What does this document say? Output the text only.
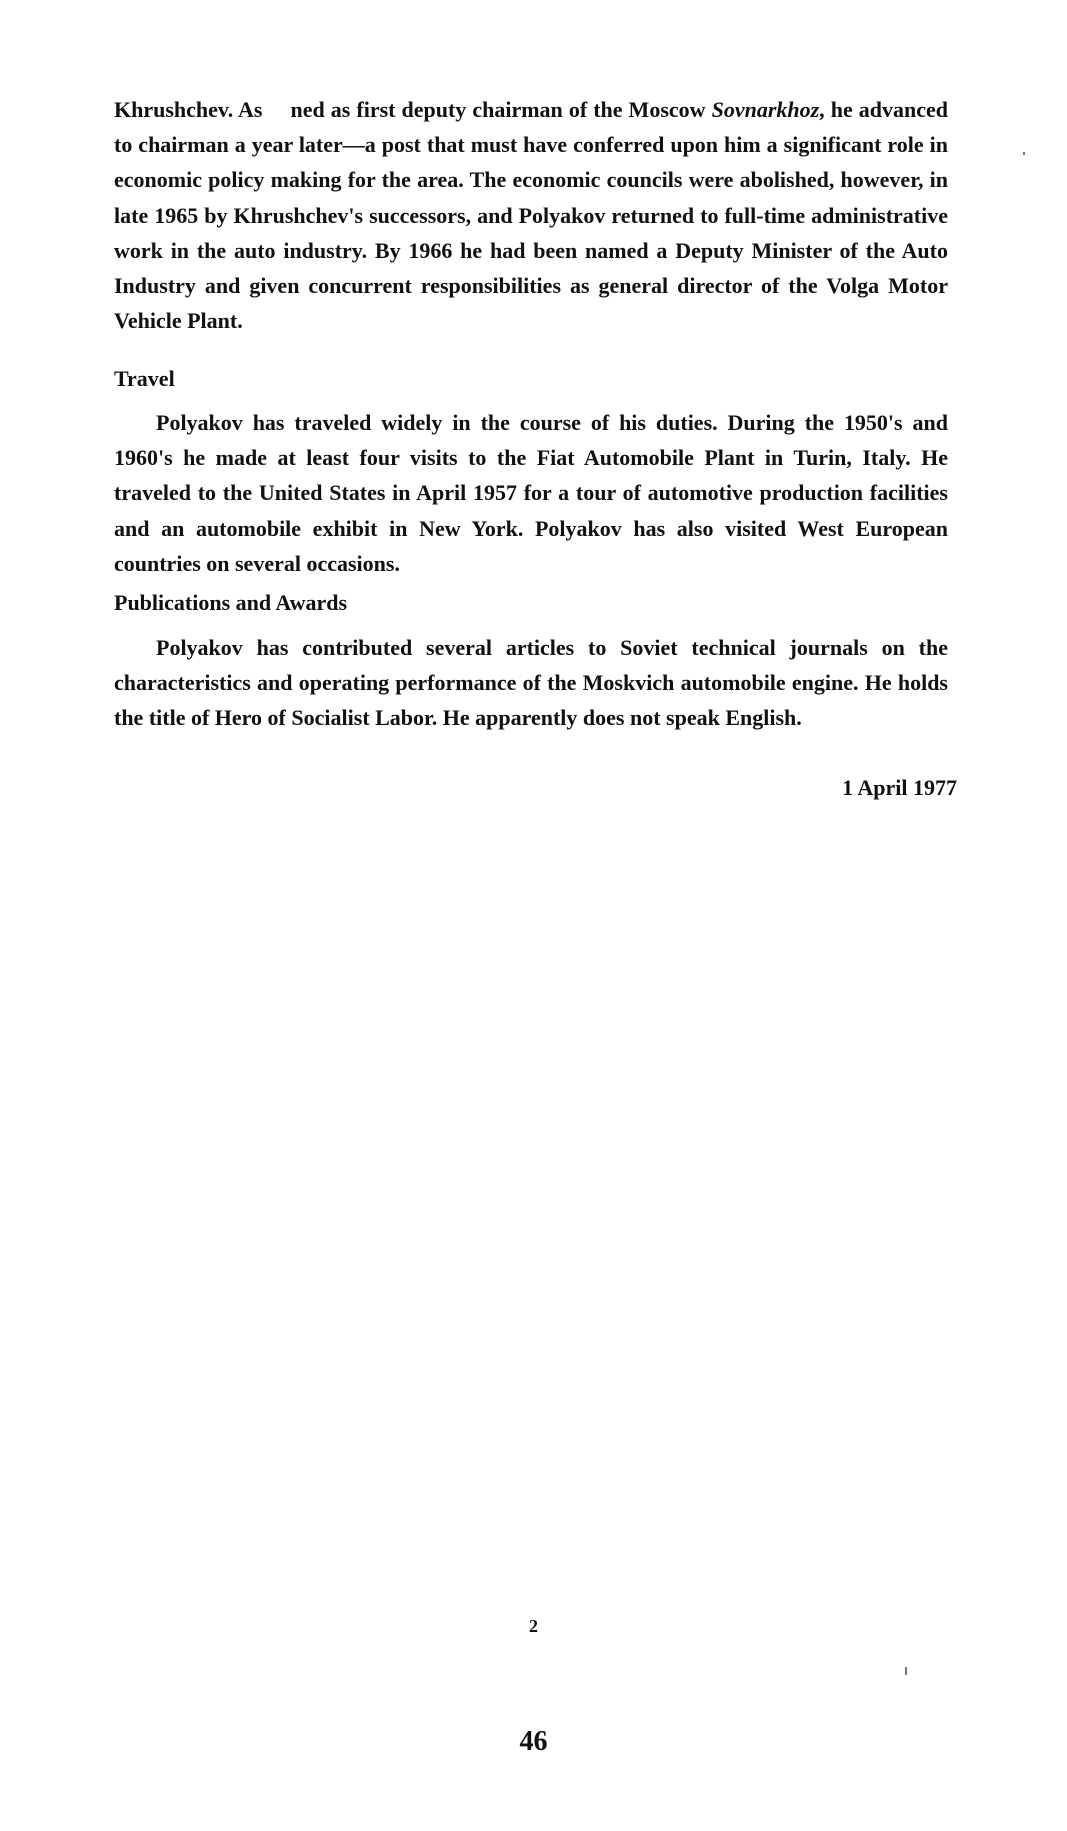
Khrushchev. As   ned as first deputy chairman of the Moscow Sovnarkhoz, he advanced to chairman a year later—a post that must have conferred upon him a significant role in economic policy making for the area. The economic councils were abolished, however, in late 1965 by Khrushchev's successors, and Polyakov returned to full-time administrative work in the auto industry. By 1966 he had been named a Deputy Minister of the Auto Industry and given concurrent responsibilities as general director of the Volga Motor Vehicle Plant.

Travel

Polyakov has traveled widely in the course of his duties. During the 1950's and 1960's he made at least four visits to the Fiat Automobile Plant in Turin, Italy. He traveled to the United States in April 1957 for a tour of automotive production facilities and an automobile exhibit in New York. Polyakov has also visited West European countries on several occasions.

Publications and Awards

Polyakov has contributed several articles to Soviet technical journals on the characteristics and operating performance of the Moskvich automobile engine. He holds the title of Hero of Socialist Labor. He apparently does not speak English.

1 April 1977
2
46
